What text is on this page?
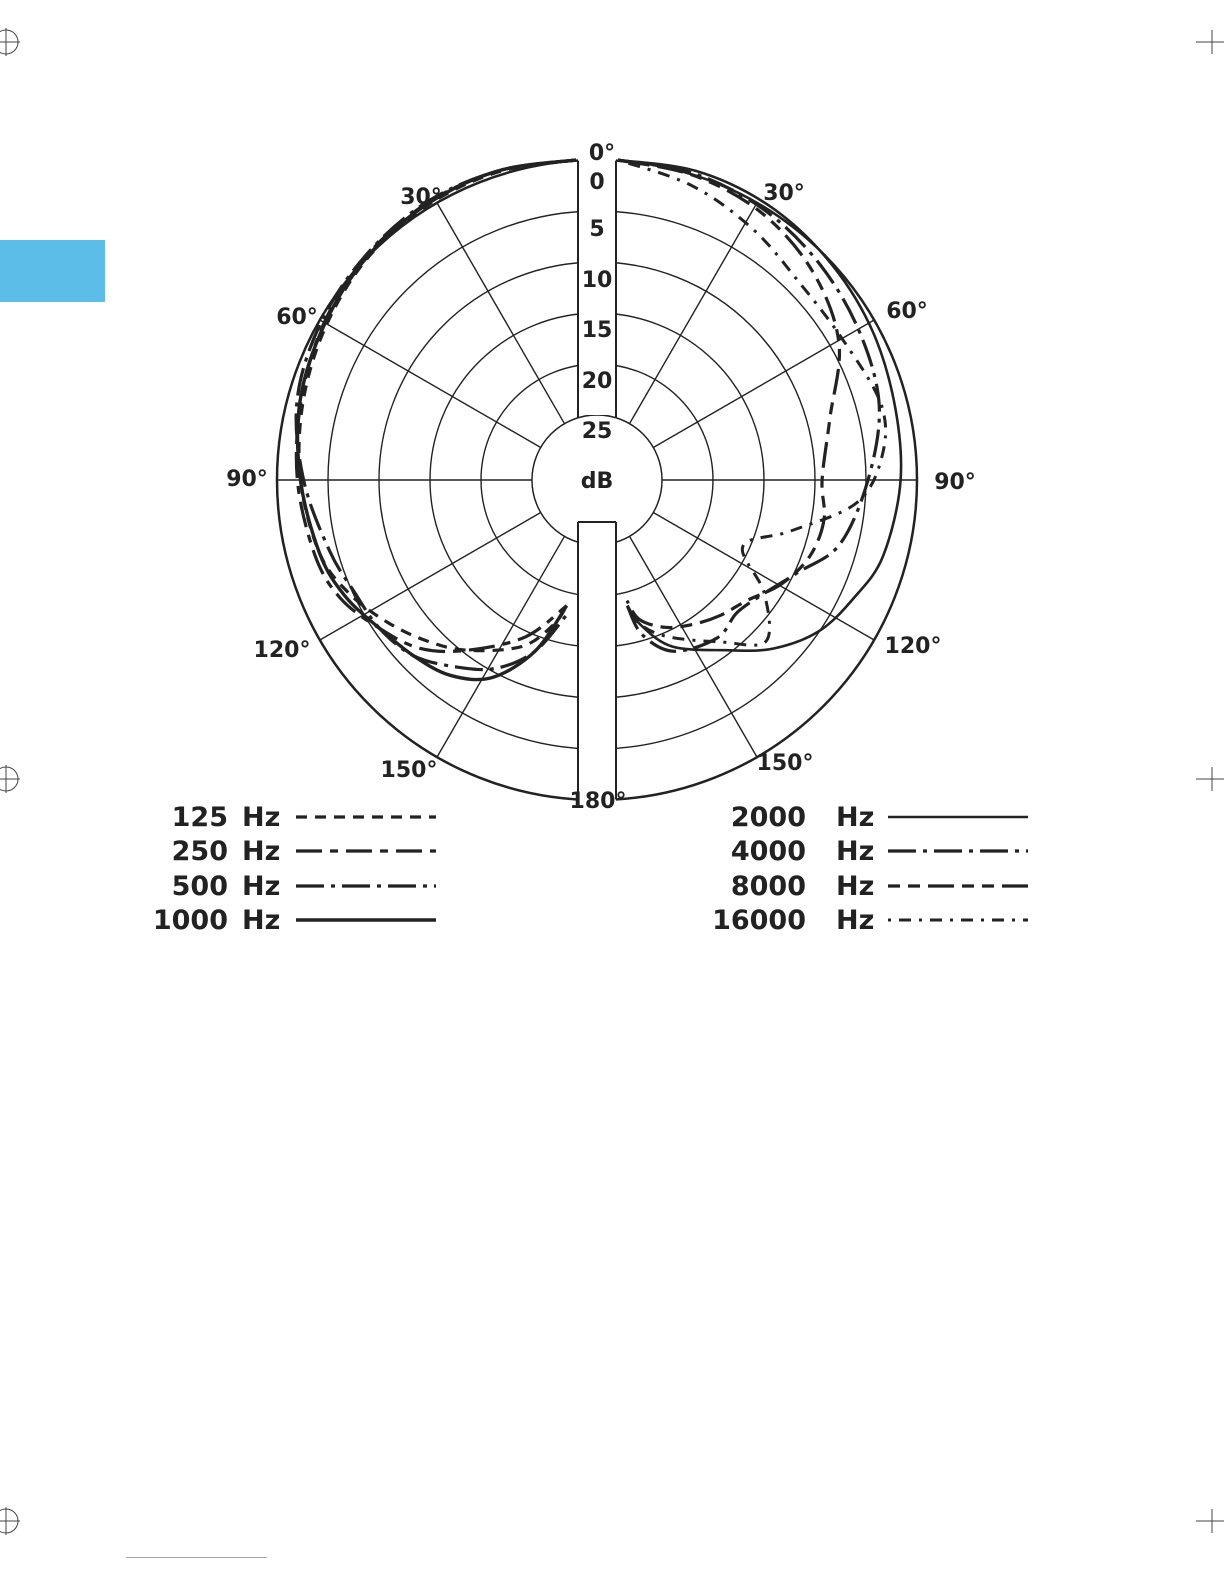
0°
180°
30°
60°
90°
120°
150°
30°
60°
90°
120°
150°
0
5
10
15
20
25
dB
125 Hz
250 Hz
500 Hz
1000 Hz
2000 Hz
4000 Hz
8000 Hz
16000 Hz
